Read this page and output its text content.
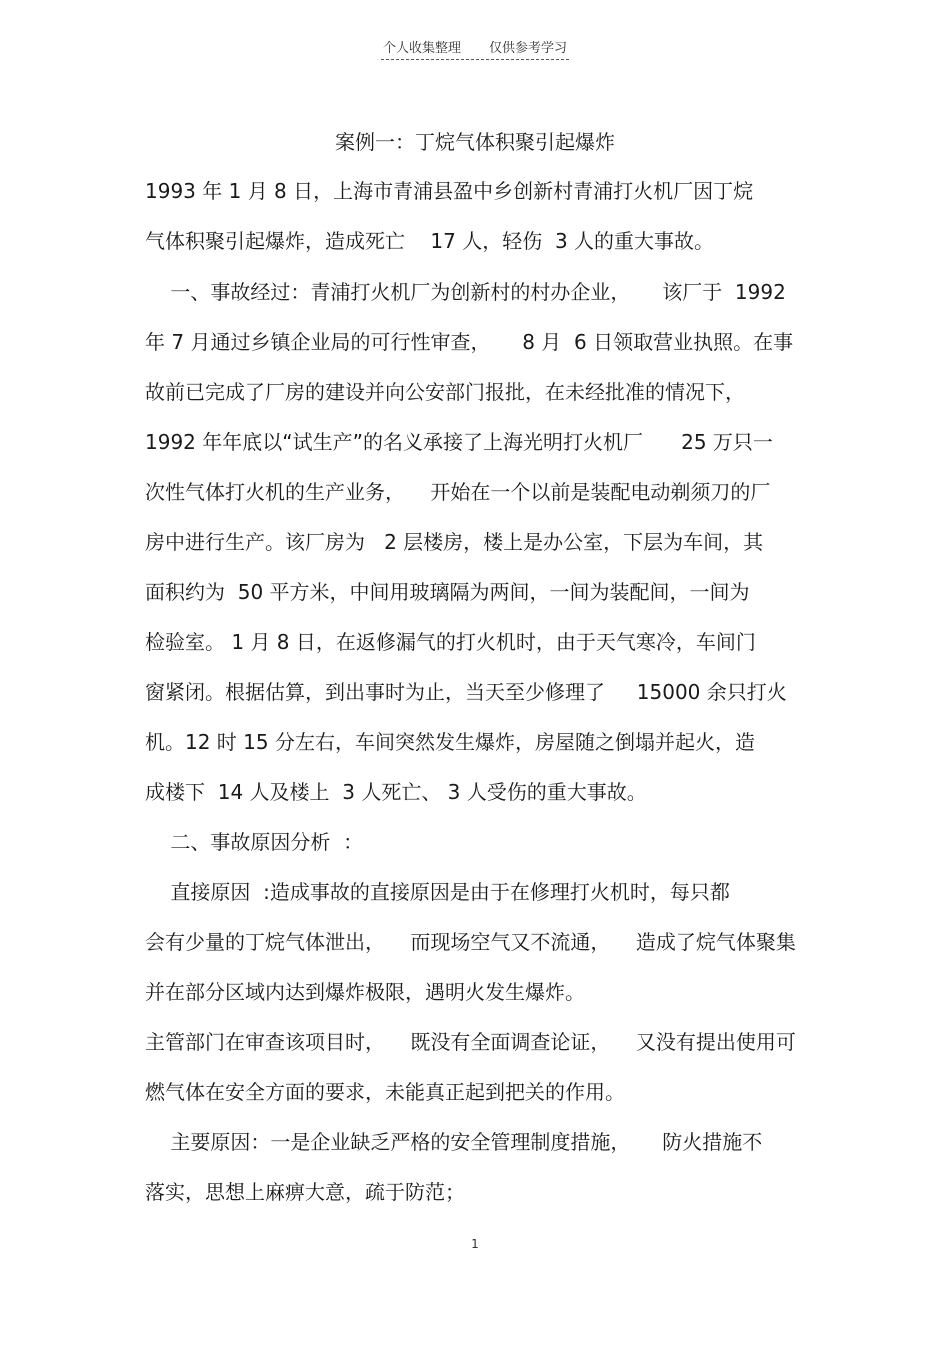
个人收集整理 仅供参考学习
案例一：丁烷气体积聚引起爆炸
1993 年 1 月 8 日，上海市青浦县盈中乡创新村青浦打火机厂因丁烷
气体积聚引起爆炸，造成死亡    17 人，轻伤  3 人的重大事故。
一、事故经过：青浦打火机厂为创新村的村办企业，     该厂于  1992
年 7 月通过乡镇企业局的可行性审查，     8 月  6 日领取营业执照。在事
故前已完成了厂房的建设并向公安部门报批，在未经批准的情况下，
1992 年年底以“试生产”的名义承接了上海光明打火机厂      25 万只一
次性气体打火机的生产业务，    开始在一个以前是装配电动剃须刀的厂
房中进行生产。该厂房为   2 层楼房，楼上是办公室，下层为车间，其
面积约为  50 平方米，中间用玻璃隔为两间，一间为装配间，一间为
检验室。 1 月 8 日，在返修漏气的打火机时，由于天气寒冷，车间门
窗紧闭。根据估算，到出事时为止，当天至少修理了     15000 余只打火
机。12 时 15 分左右，车间突然发生爆炸，房屋随之倒塌并起火，造
成楼下  14 人及楼上  3 人死亡、 3 人受伤的重大事故。
二、事故原因分析  ：
直接原因  :造成事故的直接原因是由于在修理打火机时，每只都
会有少量的丁烷气体泄出，    而现场空气又不流通，    造成了烷气体聚集
并在部分区域内达到爆炸极限，遇明火发生爆炸。
主管部门在审查该项目时，    既没有全面调查论证，    又没有提出使用可
燃气体在安全方面的要求，未能真正起到把关的作用。
主要原因：一是企业缺乏严格的安全管理制度措施，     防火措施不
落实，思想上麻痹大意，疏于防范；
1
